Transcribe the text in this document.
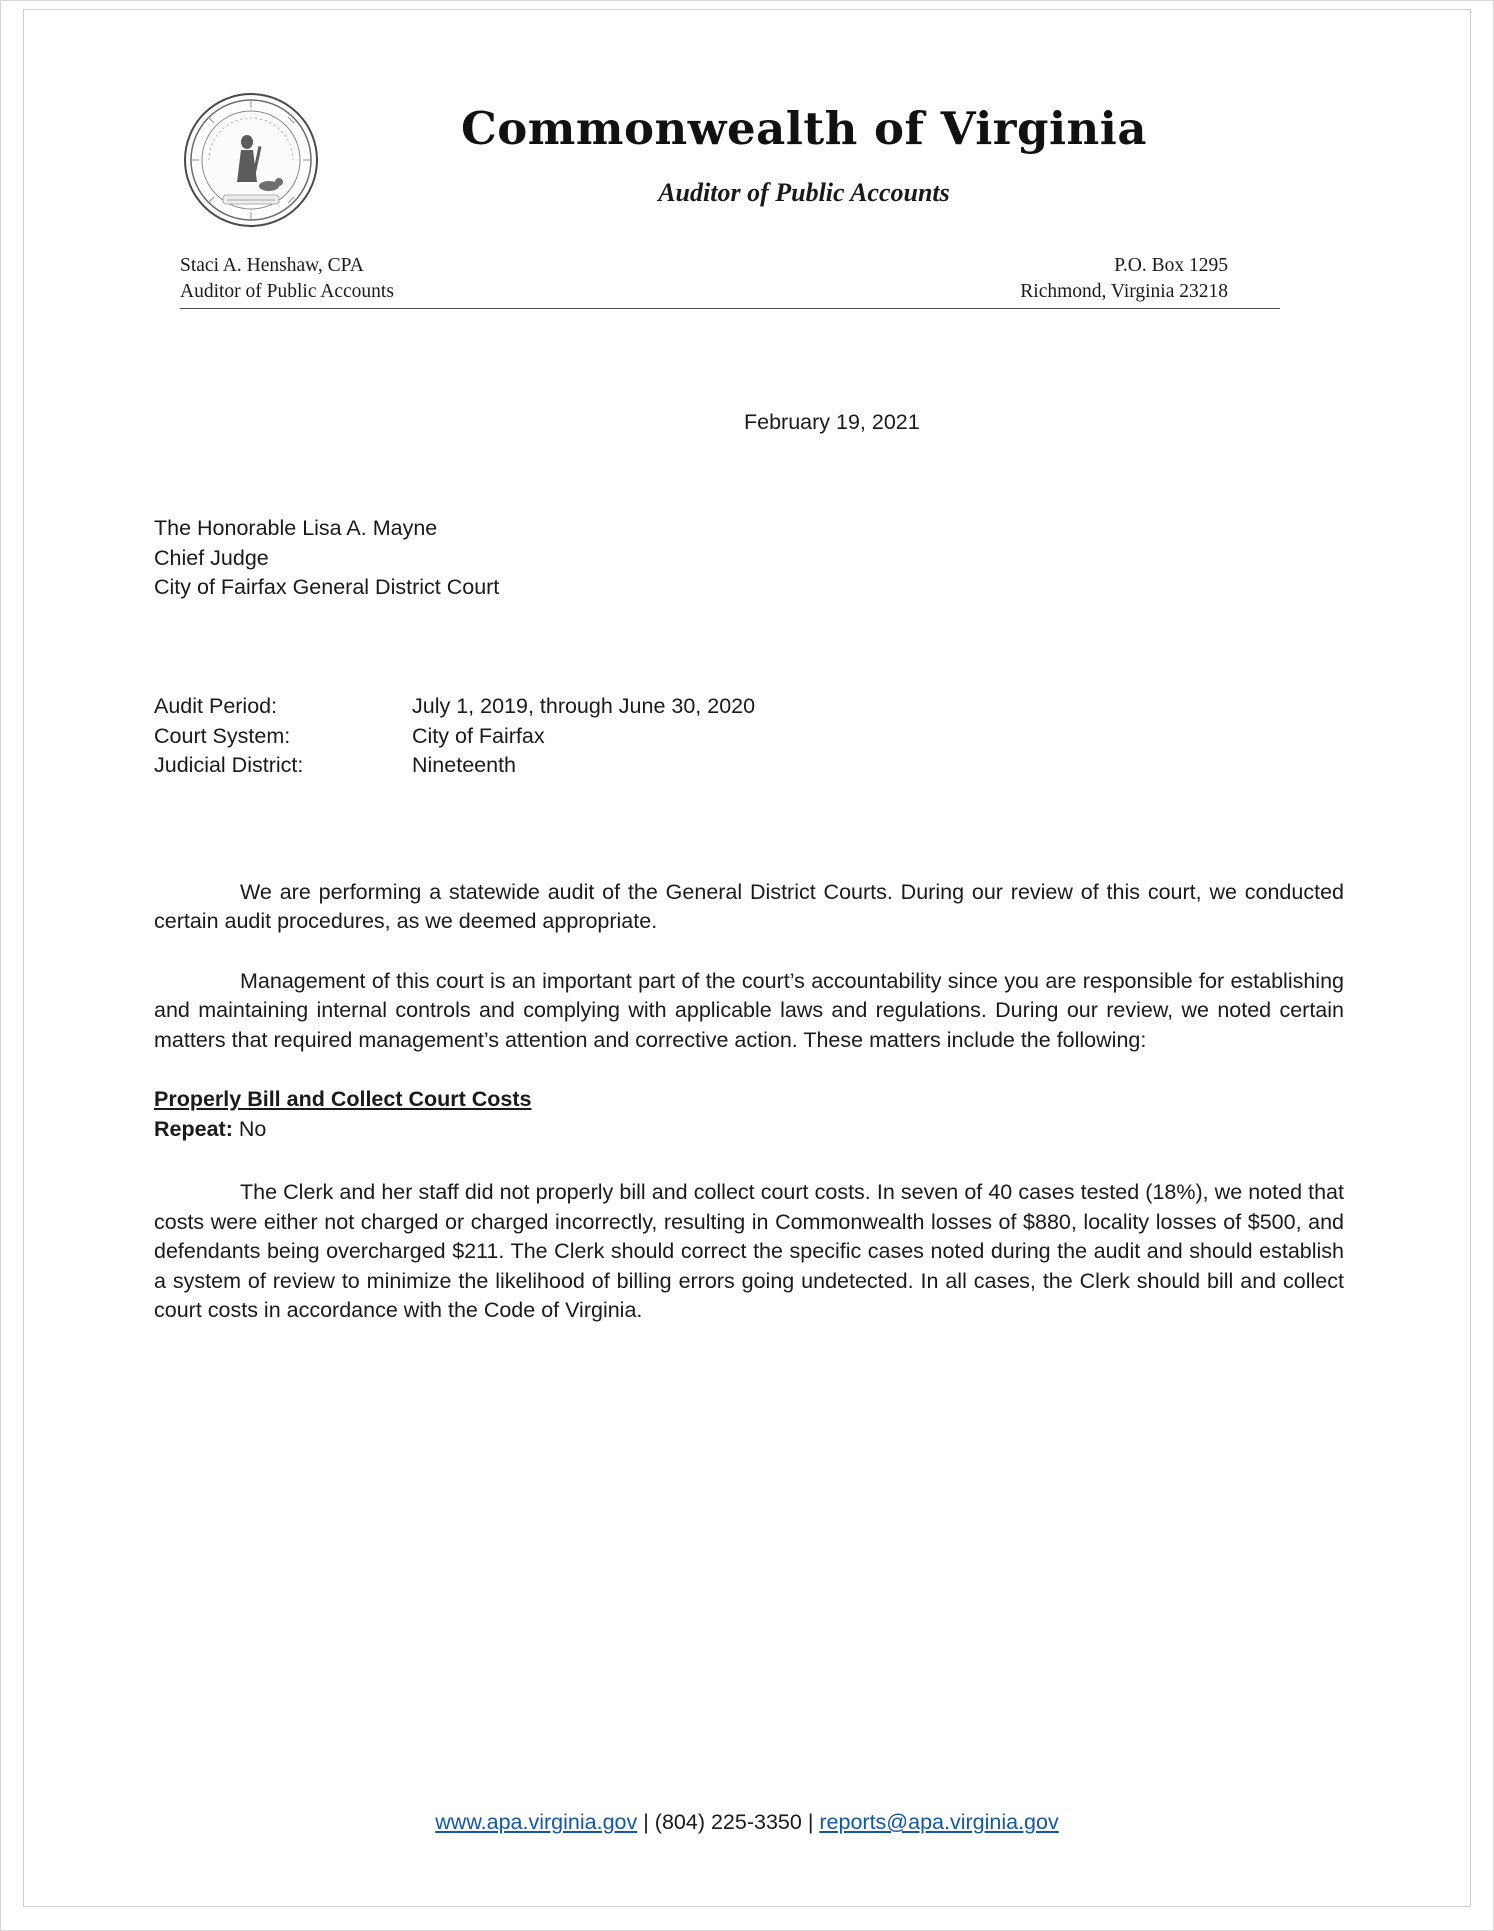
Commonwealth of Virginia
Auditor of Public Accounts
Staci A. Henshaw, CPA
Auditor of Public Accounts
P.O. Box 1295
Richmond, Virginia 23218
February 19, 2021
The Honorable Lisa A. Mayne
Chief Judge
City of Fairfax General District Court
Audit Period:	July 1, 2019, through June 30, 2020
Court System:	City of Fairfax
Judicial District:	Nineteenth

We are performing a statewide audit of the General District Courts. During our review of this court, we conducted certain audit procedures, as we deemed appropriate.

Management of this court is an important part of the court’s accountability since you are responsible for establishing and maintaining internal controls and complying with applicable laws and regulations. During our review, we noted certain matters that required management’s attention and corrective action. These matters include the following:

Properly Bill and Collect Court Costs

Repeat: No

The Clerk and her staff did not properly bill and collect court costs. In seven of 40 cases tested (18%), we noted that costs were either not charged or charged incorrectly, resulting in Commonwealth losses of $880, locality losses of $500, and defendants being overcharged $211. The Clerk should correct the specific cases noted during the audit and should establish a system of review to minimize the likelihood of billing errors going undetected. In all cases, the Clerk should bill and collect court costs in accordance with the Code of Virginia.

www.apa.virginia.gov | (804) 225-3350 | reports@apa.virginia.gov
